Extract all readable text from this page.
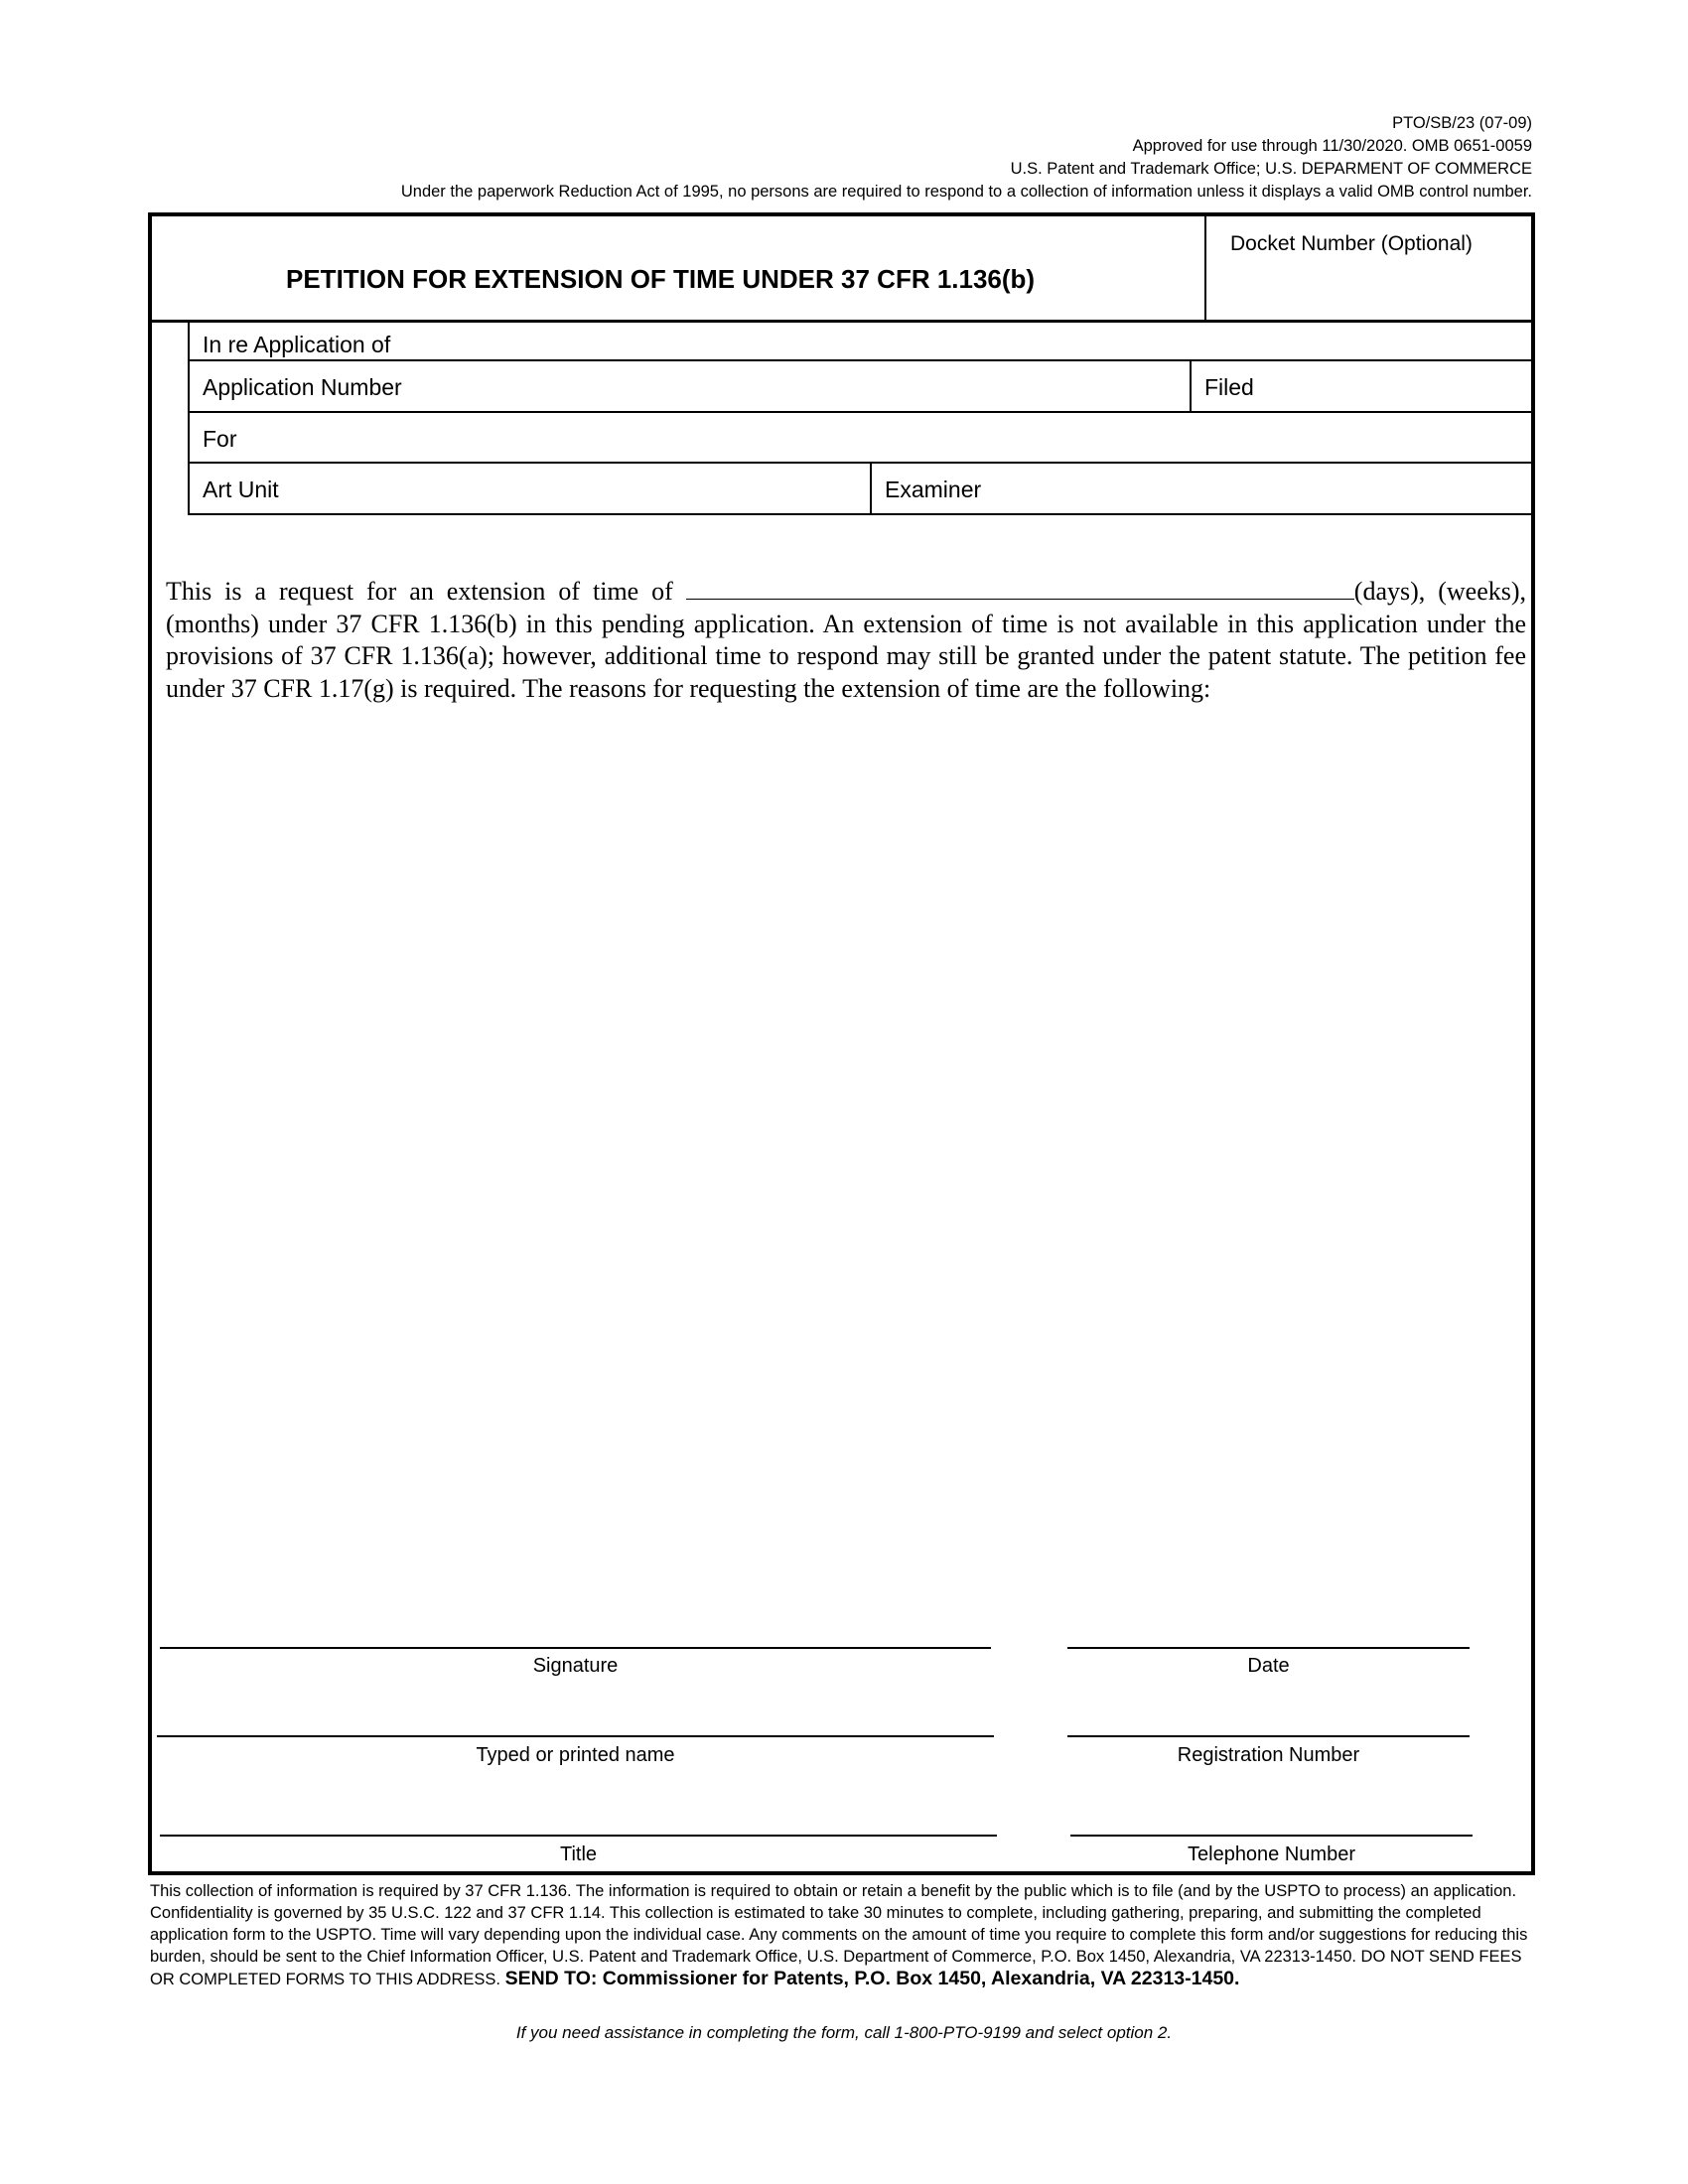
PTO/SB/23 (07-09)
Approved for use through 11/30/2020. OMB 0651-0059
U.S. Patent and Trademark Office; U.S. DEPARMENT OF COMMERCE
Under the paperwork Reduction Act of 1995, no persons are required to respond to a collection of information unless it displays a valid OMB control number.
PETITION FOR EXTENSION OF TIME UNDER 37 CFR 1.136(b)
Docket Number (Optional)
In re Application of
Application Number	Filed
For
Art Unit	Examiner
This is a request for an extension of time of	(days), (weeks), (months) under 37 CFR 1.136(b) in this pending application. An extension of time is not available in this application under the provisions of 37 CFR 1.136(a); however, additional time to respond may still be granted under the patent statute. The petition fee under 37 CFR 1.17(g) is required. The reasons for requesting the extension of time are the following:
Signature	Date
Typed or printed name	Registration Number
Title	Telephone Number
This collection of information is required by 37 CFR 1.136. The information is required to obtain or retain a benefit by the public which is to file (and by the USPTO to process) an application. Confidentiality is governed by 35 U.S.C. 122 and 37 CFR 1.14. This collection is estimated to take 30 minutes to complete, including gathering, preparing, and submitting the completed application form to the USPTO. Time will vary depending upon the individual case. Any comments on the amount of time you require to complete this form and/or suggestions for reducing this burden, should be sent to the Chief Information Officer, U.S. Patent and Trademark Office, U.S. Department of Commerce, P.O. Box 1450, Alexandria, VA 22313-1450. DO NOT SEND FEES OR COMPLETED FORMS TO THIS ADDRESS. SEND TO: Commissioner for Patents, P.O. Box 1450, Alexandria, VA 22313-1450.
If you need assistance in completing the form, call 1-800-PTO-9199 and select option 2.
